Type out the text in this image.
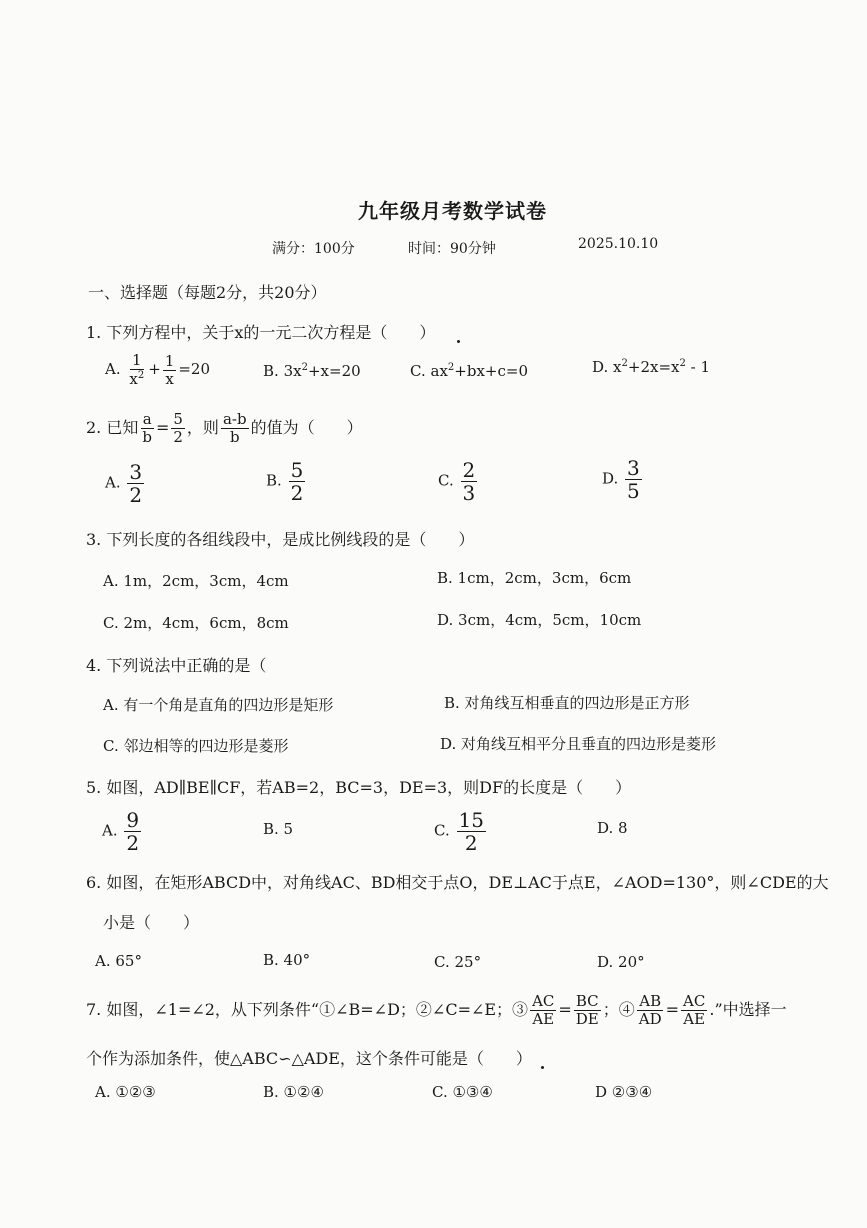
九年级月考数学试卷
满分：100分	时间：90分钟	2025.10.10
一、选择题（每题2分，共20分）
1. 下列方程中，关于x的一元二次方程是（　　）
A. $\frac{1}{x^2} + \frac{1}{x} =20$	B. $3x^2+x=20$	C. $ax^2+bx+c=0$	D. $x^2+2x=x^2 - 1$
2. 已知 $\frac{a}{b} = \frac{5}{2}$ ，则 $\frac{a-b}{b}$ 的值为（　　）
A. $\frac{3}{2}$	B. $\frac{5}{2}$	C. $\frac{2}{3}$	D. $\frac{3}{5}$
3. 下列长度的各组线段中，是成比例线段的是（　　）
A. 1m，2cm，3cm，4cm	B. 1cm，2cm，3cm，6cm
C. 2m，4cm，6cm，8cm	D. 3cm，4cm，5cm，10cm
4. 下列说法中正确的是（
A. 有一个角是直角的四边形是矩形	B. 对角线互相垂直的四边形是正方形
C. 邻边相等的四边形是菱形	D. 对角线互相平分且垂直的四边形是菱形
5. 如图，AD∥BE∥CF，若AB=2，BC=3，DE=3，则DF的长度是（　　）
A. $\frac{9}{2}$	B. 5	C. $\frac{15}{2}$	D. 8
6. 如图，在矩形ABCD中，对角线AC、BD相交于点O，DE⊥AC于点E，∠AOD=130°，则∠CDE的大
小是（　　）
A. 65°	B. 40°	C. 25°	D. 20°
7. 如图，∠1=∠2，从下列条件“①∠B=∠D；②∠C=∠E；③ $\frac{AC}{AE} = \frac{BC}{DE}$ ；④ $\frac{AB}{AD} = \frac{AC}{AE}$ .”中选择一
个作为添加条件，使△ABC∽△ADE，这个条件可能是（　　）
A. ①②③	B. ①②④	C. ①③④	D ②③④
